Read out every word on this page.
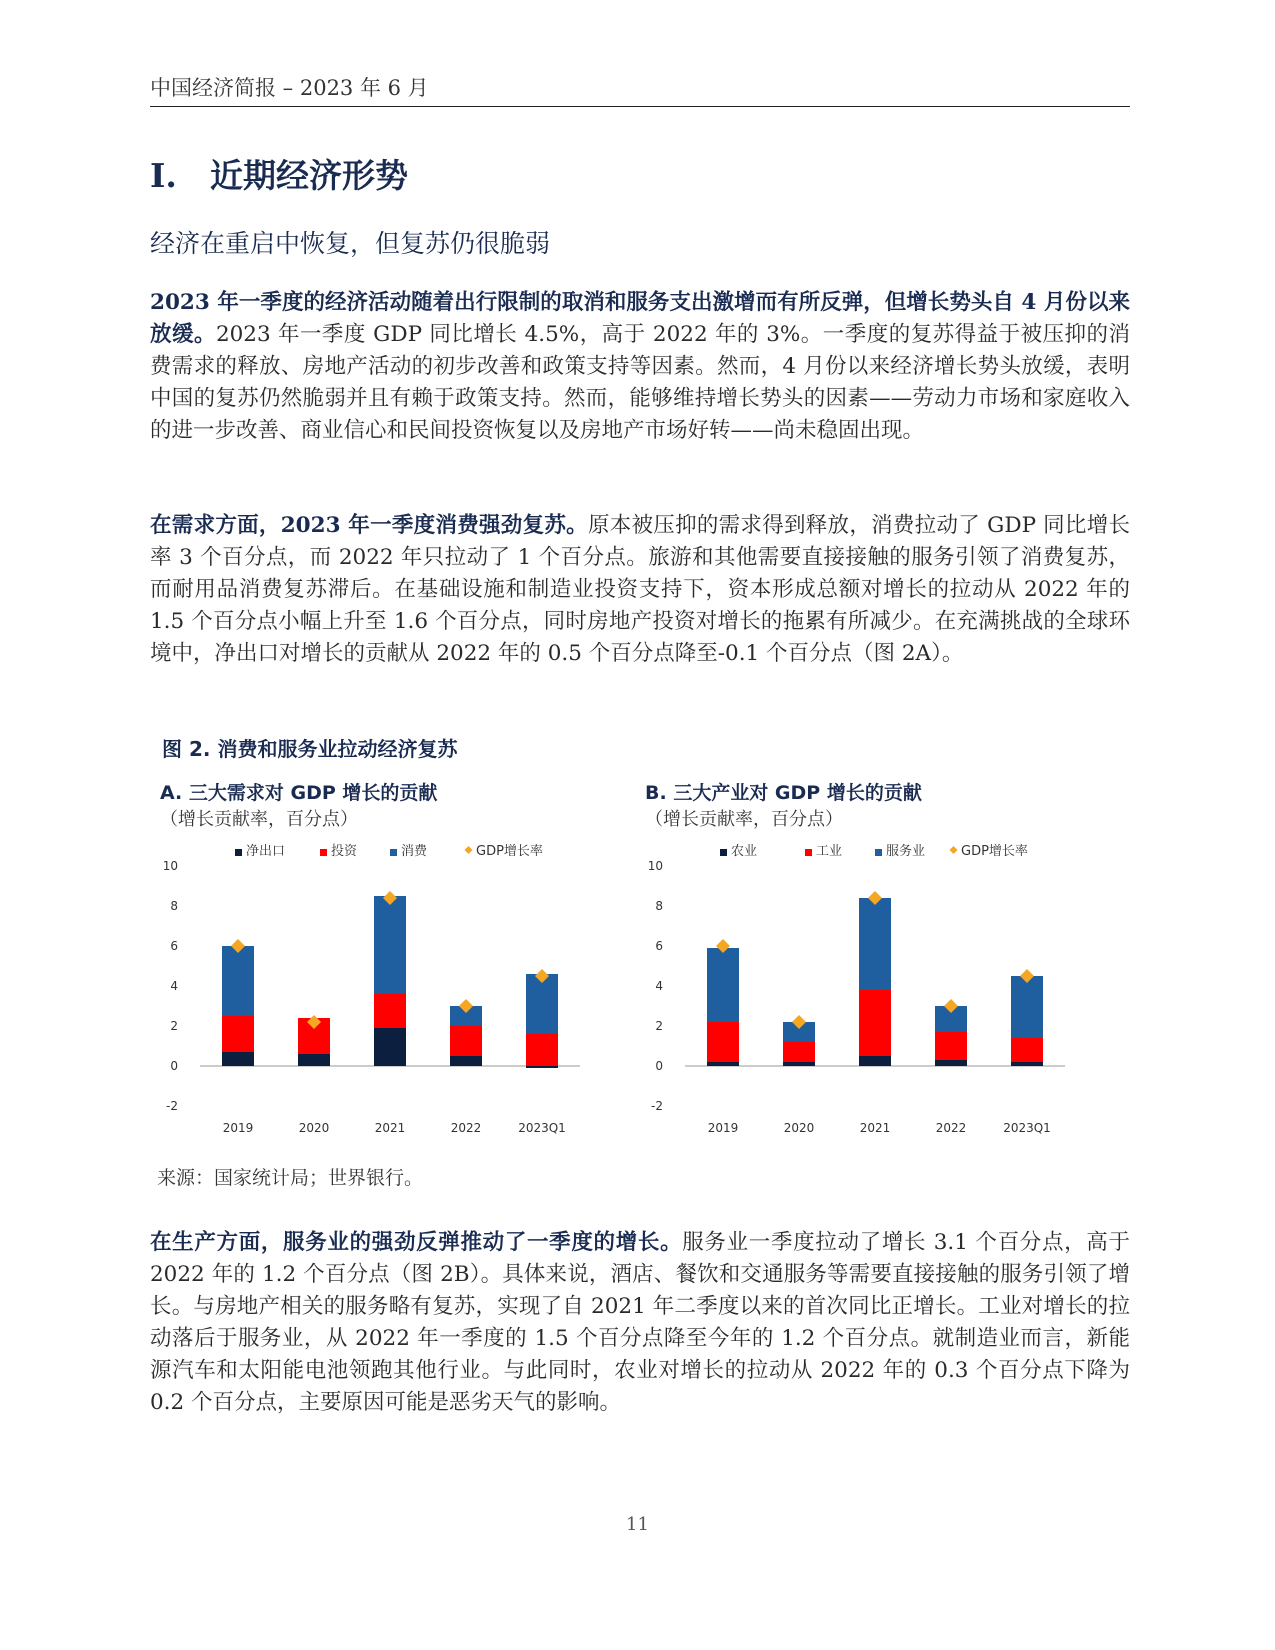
中国经济简报 – 2023 年 6 月
I. 近期经济形势
经济在重启中恢复，但复苏仍很脆弱

2023 年一季度的经济活动随着出行限制的取消和服务支出激增而有所反弹，但增长势头自 4 月份以来放缓。2023 年一季度 GDP 同比增长 4.5%，高于 2022 年的 3%。一季度的复苏得益于被压抑的消费需求的释放、房地产活动的初步改善和政策支持等因素。然而，4 月份以来经济增长势头放缓，表明中国的复苏仍然脆弱并且有赖于政策支持。然而，能够维持增长势头的因素——劳动力市场和家庭收入的进一步改善、商业信心和民间投资恢复以及房地产市场好转——尚未稳固出现。

在需求方面，2023 年一季度消费强劲复苏。原本被压抑的需求得到释放，消费拉动了 GDP 同比增长率 3 个百分点，而 2022 年只拉动了 1 个百分点。旅游和其他需要直接接触的服务引领了消费复苏，而耐用品消费复苏滞后。在基础设施和制造业投资支持下，资本形成总额对增长的拉动从 2022 年的 1.5 个百分点小幅上升至 1.6 个百分点，同时房地产投资对增长的拖累有所减少。在充满挑战的全球环境中，净出口对增长的贡献从 2022 年的 0.5 个百分点降至-0.1 个百分点（图 2A）。

图 2. 消费和服务业拉动经济复苏
A. 三大需求对 GDP 增长的贡献
（增长贡献率，百分点）
净出口	投资	消费	GDP增长率
-2
0
2
4
6
8
10
2019	2020	2021	2022	2023Q1
B. 三大产业对 GDP 增长的贡献
（增长贡献率，百分点）
农业	工业	服务业	GDP增长率
-2
0
2
4
6
8
10
2019	2020	2021	2022	2023Q1
来源：国家统计局；世界银行。

在生产方面，服务业的强劲反弹推动了一季度的增长。服务业一季度拉动了增长 3.1 个百分点，高于 2022 年的 1.2 个百分点（图 2B）。具体来说，酒店、餐饮和交通服务等需要直接接触的服务引领了增长。与房地产相关的服务略有复苏，实现了自 2021 年二季度以来的首次同比正增长。工业对增长的拉动落后于服务业，从 2022 年一季度的 1.5 个百分点降至今年的 1.2 个百分点。就制造业而言，新能源汽车和太阳能电池领跑其他行业。与此同时，农业对增长的拉动从 2022 年的 0.3 个百分点下降为 0.2 个百分点，主要原因可能是恶劣天气的影响。

11
